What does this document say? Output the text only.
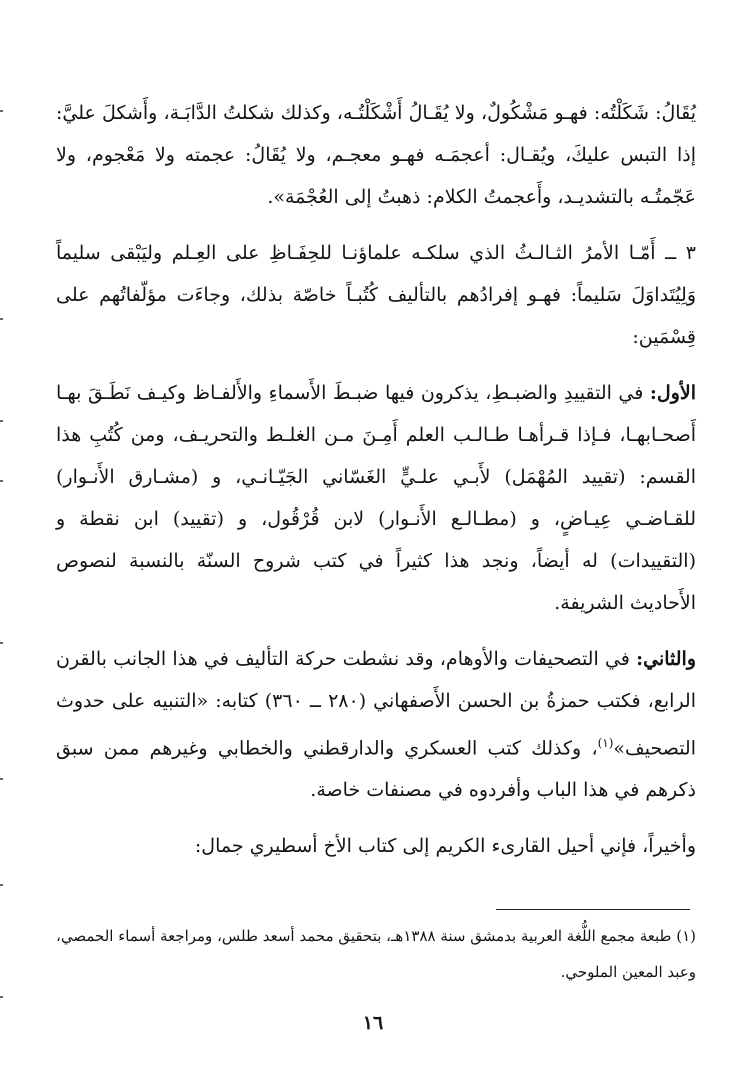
يُقَالُ: شَكَلْتُه: فهـو مَشْكُولٌ، ولا يُقَـالُ أَشْكَلْتُـه، وكذلك شكلتُ الدَّابَـة، وأَشكلَ عليَّ: إذا التبس عليكَ، ويُقـال: أعجمَـه فهـو معجـم، ولا يُقَالُ: عجمته ولا مَعْجوم، ولا عَجّمتُـه بالتشديـد، وأَعجمتُ الكلام: ذهبتُ إلى العُجْمَة».

٣ ــ أَمّـا الأمرُ الثـالـثُ الذي سلكـه علماؤنـا للحِفَـاظِ على العِـلم وليَبْقى سليماً وَلِيُتَداوَلَ سَليماً: فهـو إفرادُهم بالتأليف كُتُبـاً خاصّة بذلك، وجاءَت مؤلّفاتُهم على قِسْمَين:

الأول: في التقييدِ والضبـطِ، يذكرون فيها ضبـطَ الأَسماءِ والأَلفـاظ وكيـف نَطَـقَ بهـا أَصحـابهـا، فـإذا قـرأهـا طـالـب العلم أَمِـنَ مـن الغلـط والتحريـف، ومن كُتُبِ هذا القسم: (تقييد المُهْمَل) لأَبـي علـيٍّ الغَسّاني الجَيّـانـي، و (مشـارق الأَنـوار) للقـاضـي عِيـاضٍ، و (مطـالـع الأَنـوار) لابن قُرْقُول، و (تقييد) ابن نقطة و (التقييدات) له أيضاً، ونجد هذا كثيراً في كتب شروح السنّة بالنسبة لنصوص الأَحاديث الشريفة.

والثاني: في التصحيفات والأوهام، وقد نشطت حركة التأليف في هذا الجانب بالقرن الرابع، فكتب حمزةُ بن الحسن الأَصفهاني (٢٨٠ ــ ٣٦٠) كتابه: «التنبيه على حدوث التصحيف»$^{(١)}$، وكذلك كتب العسكري والدارقطني والخطابي وغيرهم ممن سبق ذكرهم في هذا الباب وأفردوه في مصنفات خاصة.

وأخيراً، فإني أحيل القارىء الكريم إلى كتاب الأخ أسطيري جمال:

(١) طبعة مجمع اللُّغة العربية بدمشق سنة ١٣٨٨هـ، بتحقيق محمد أسعد طلس، ومراجعة أسماء الحمصي، وعبد المعين الملوحي.

١٦
